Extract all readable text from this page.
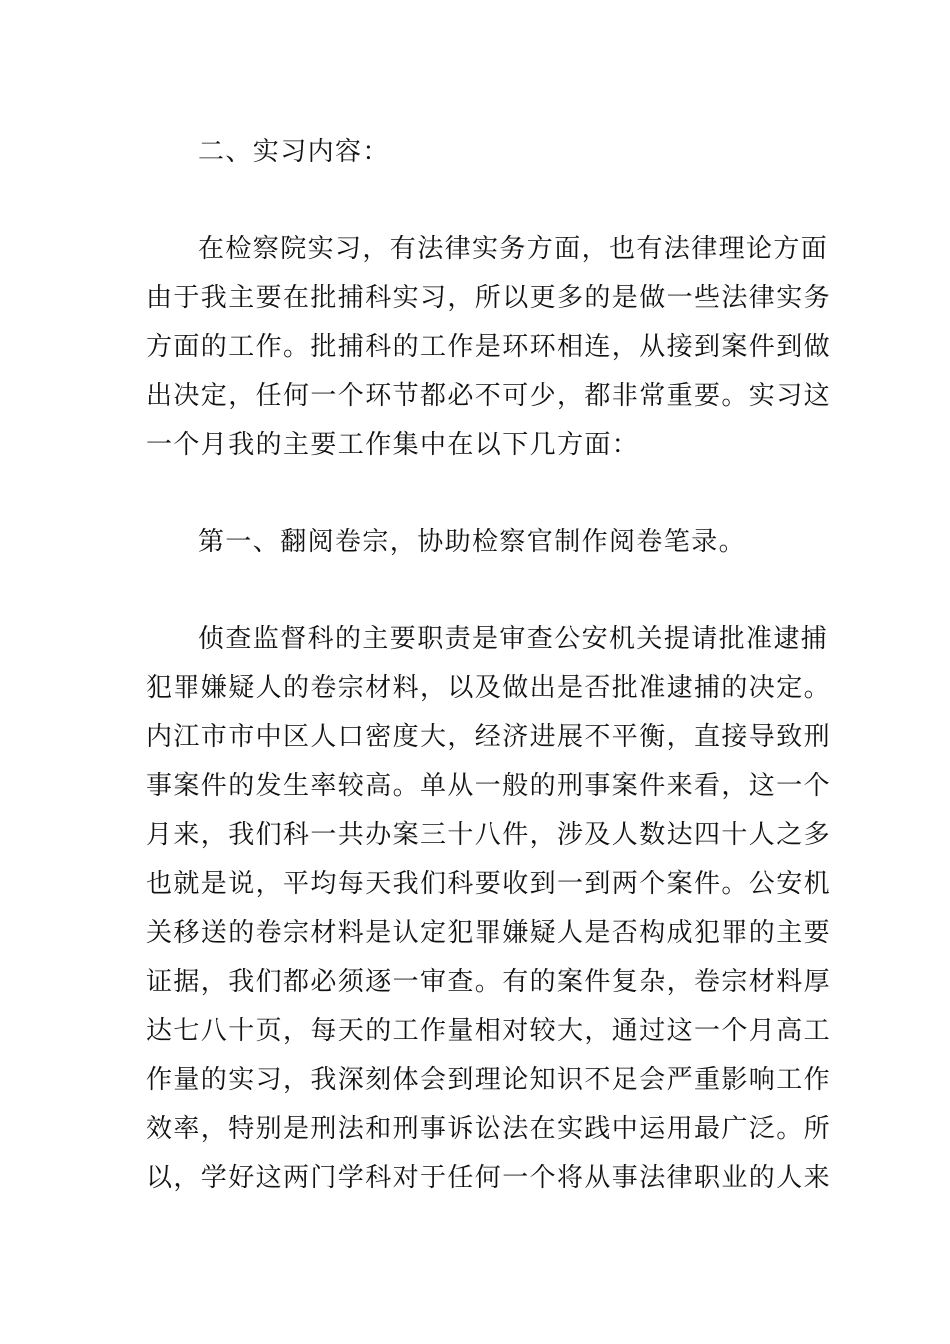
二、实习内容：
在检察院实习，有法律实务方面，也有法律理论方面
由于我主要在批捕科实习，所以更多的是做一些法律实务
方面的工作。批捕科的工作是环环相连，从接到案件到做
出决定，任何一个环节都必不可少，都非常重要。实习这
一个月我的主要工作集中在以下几方面：
第一、翻阅卷宗，协助检察官制作阅卷笔录。
侦查监督科的主要职责是审查公安机关提请批准逮捕
犯罪嫌疑人的卷宗材料，以及做出是否批准逮捕的决定。
内江市市中区人口密度大，经济进展不平衡，直接导致刑
事案件的发生率较高。单从一般的刑事案件来看，这一个
月来，我们科一共办案三十八件，涉及人数达四十人之多
也就是说，平均每天我们科要收到一到两个案件。公安机
关移送的卷宗材料是认定犯罪嫌疑人是否构成犯罪的主要
证据，我们都必须逐一审查。有的案件复杂，卷宗材料厚
达七八十页，每天的工作量相对较大，通过这一个月高工
作量的实习，我深刻体会到理论知识不足会严重影响工作
效率，特别是刑法和刑事诉讼法在实践中运用最广泛。所
以，学好这两门学科对于任何一个将从事法律职业的人来
